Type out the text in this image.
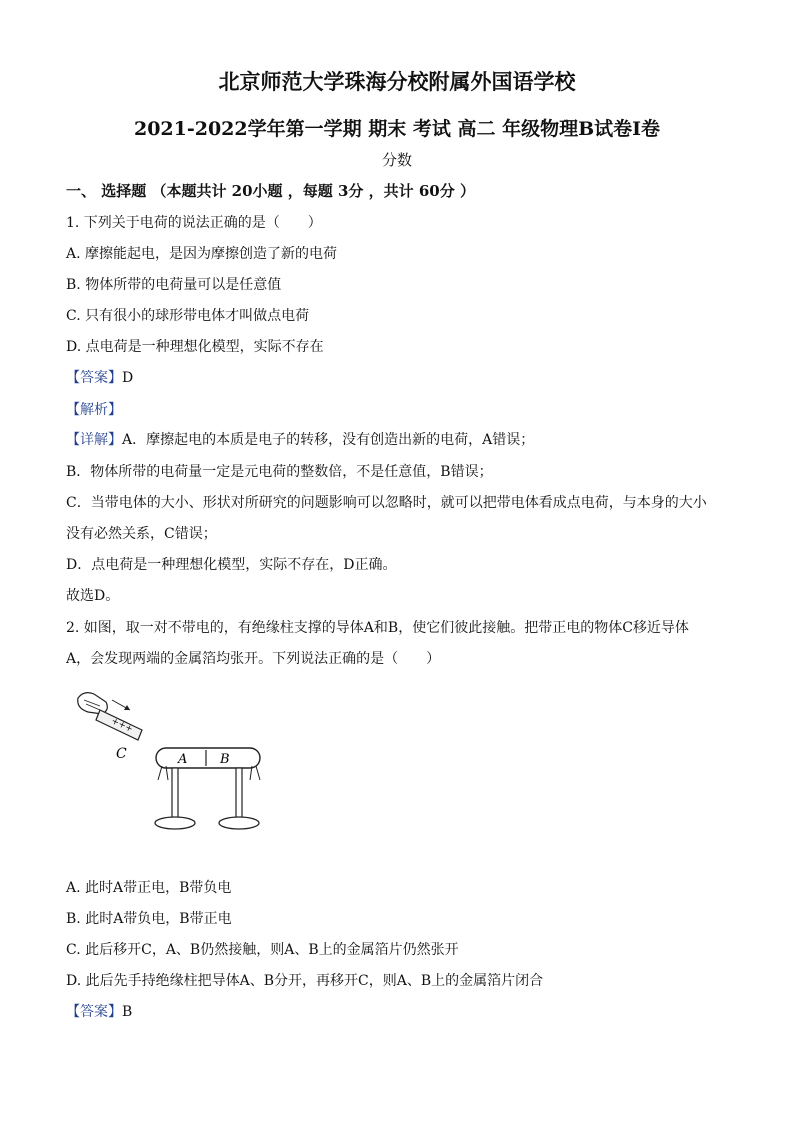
北京师范大学珠海分校附属外国语学校
2021-2022学年第一学期 期末 考试 高二 年级物理B试卷Ⅰ卷
分数
一、 选择题 （本题共计 20小题 ，每题 3分 ，共计 60分 ）
1. 下列关于电荷的说法正确的是（　　）
A. 摩擦能起电，是因为摩擦创造了新的电荷
B. 物体所带的电荷量可以是任意值
C. 只有很小的球形带电体才叫做点电荷
D. 点电荷是一种理想化模型，实际不存在
【答案】D
【解析】
【详解】A．摩擦起电的本质是电子的转移，没有创造出新的电荷，A错误；
B．物体所带的电荷量一定是元电荷的整数倍，不是任意值，B错误；
C．当带电体的大小、形状对所研究的问题影响可以忽略时，就可以把带电体看成点电荷，与本身的大小
没有必然关系，C错误；
D．点电荷是一种理想化模型，实际不存在，D正确。
故选D。
2. 如图，取一对不带电的，有绝缘柱支撑的导体A和B，使它们彼此接触。把带正电的物体C移近导体
A，会发现两端的金属箔均张开。下列说法正确的是（　　）
+++
C	A	B
A. 此时A带正电，B带负电
B. 此时A带负电，B带正电
C. 此后移开C，A、B仍然接触，则A、B上的金属箔片仍然张开
D. 此后先手持绝缘柱把导体A、B分开，再移开C，则A、B上的金属箔片闭合
【答案】B
